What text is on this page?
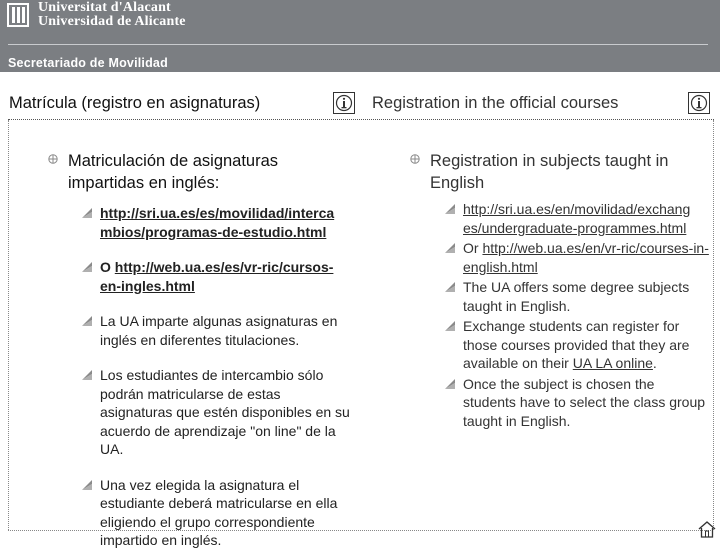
Universitat d'Alacant
Universidad de Alicante
Secretariado de Movilidad
Matrícula (registro en asignaturas)	Registration in the official courses
Matriculación de asignaturas impartidas en inglés:
http://sri.ua.es/es/movilidad/interca mbios/programas-de-estudio.html
O http://web.ua.es/es/vr-ric/cursos-en-ingles.html
La UA imparte algunas asignaturas en inglés en diferentes titulaciones.
Los estudiantes de intercambio sólo podrán matricularse de estas asignaturas que estén disponibles en su acuerdo de aprendizaje "on line" de la UA.
Una vez elegida la asignatura el estudiante deberá matricularse en ella eligiendo el grupo correspondiente impartido en inglés.
Registration in subjects taught in English
http://sri.ua.es/en/movilidad/exchang es/undergraduate-programmes.html
Or http://web.ua.es/en/vr-ric/courses-in-english.html
The UA offers some degree subjects taught in English.
Exchange students can register for those courses provided that they are available on their UA LA online.
Once the subject is chosen the students have to select the class group taught in English.
